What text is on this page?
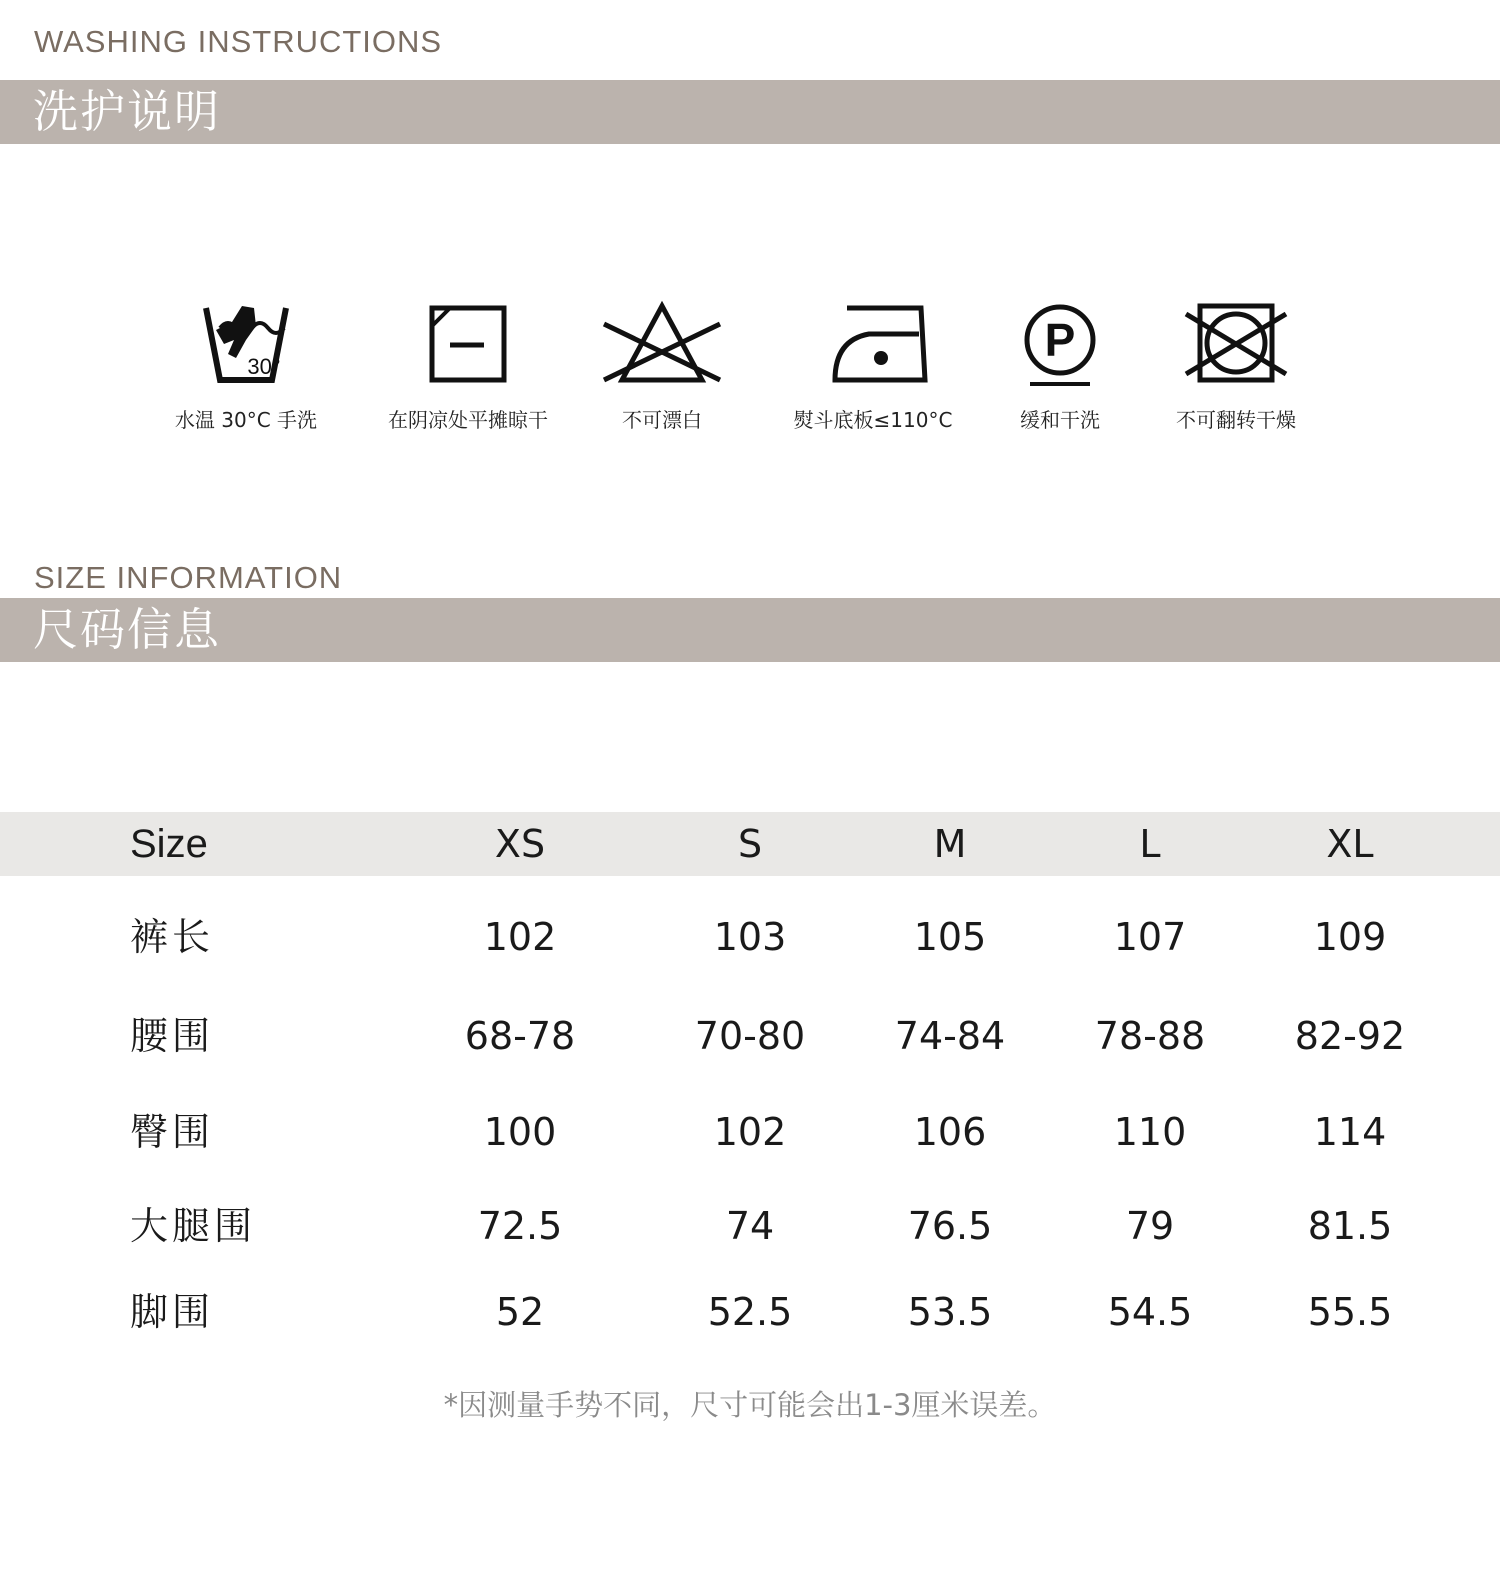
WASHING INSTRUCTIONS
洗护说明
30°
水温 30°C 手洗	在阴凉处平摊晾干	不可漂白	熨斗底板≤110°C
P
缓和干洗	不可翻转干燥
SIZE INFORMATION
尺码信息
Size	XS	S	M	L	XL
裤长	102	103	105	107	109
腰围	68-78	70-80	74-84	78-88	82-92
臀围	100	102	106	110	114
大腿围	72.5	74	76.5	79	81.5
脚围	52	52.5	53.5	54.5	55.5
*因测量手势不同，尺寸可能会出1-3厘米误差。
